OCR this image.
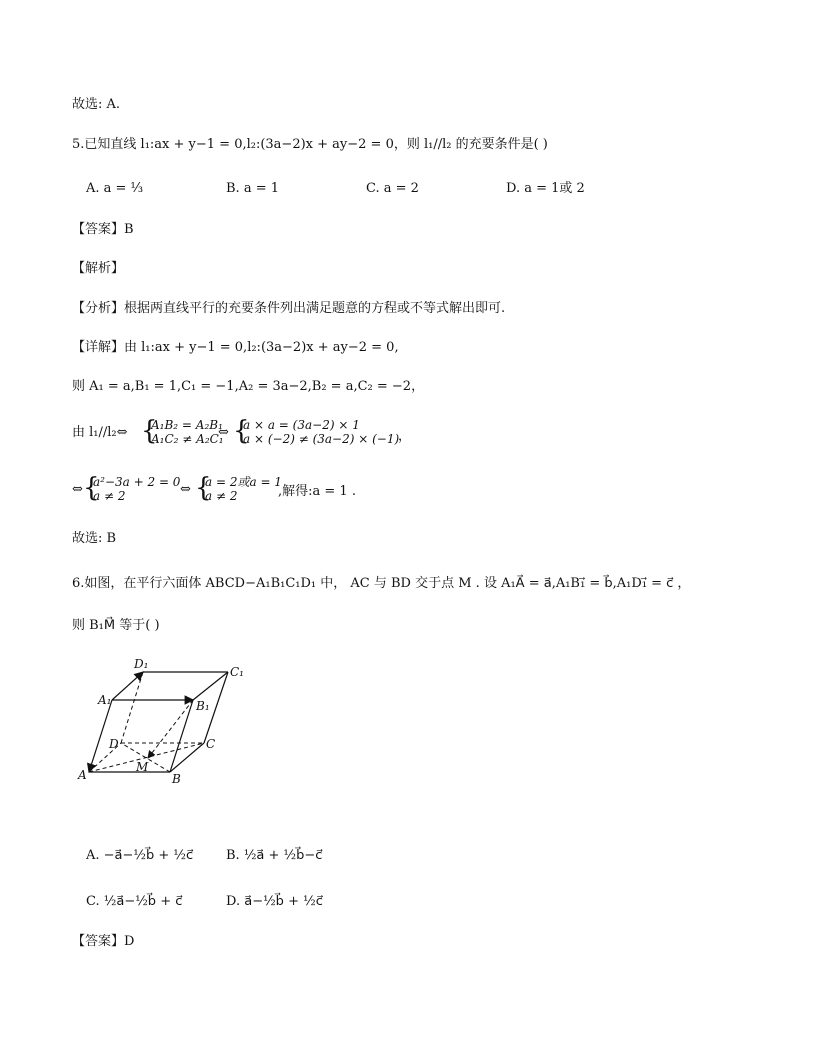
故选: A.
5.已知直线 l₁:ax + y−1 = 0,l₂:(3a−2)x + ay−2 = 0，则 l₁//l₂ 的充要条件是( )
A. a = ⅓	B. a = 1	C. a = 2	D. a = 1或 2
【答案】B
【解析】
【分析】根据两直线平行的充要条件列出满足题意的方程或不等式解出即可.
【详解】由 l₁:ax + y−1 = 0,l₂:(3a−2)x + ay−2 = 0,
则 A₁ = a,B₁ = 1,C₁ = −1,A₂ = 3a−2,B₂ = a,C₂ = −2，
由 l₁//l₂⇔ {
A₁B₂ = A₂B₁
A₁C₂ ≠ A₂C₁
⇔ {
a × a = (3a−2) × 1
a × (−2) ≠ (3a−2) × (−1)
，
⇔ {
a²−3a + 2 = 0
a ≠ 2	⇔ {
a = 2或a = 1
a ≠ 2	,解得:a = 1 .
故选: B
6.如图，在平行六面体 ABCD−A₁B₁C₁D₁ 中， AC 与 BD 交于点 M . 设 A₁A⃗ = a⃗,A₁B₁⃗ = b⃗,A₁D₁⃗ = c⃗ ，
则 B₁M⃗ 等于( )
D₁
C₁
A₁	B₁
D	C
A	B
M
A. −a⃗−½b⃗ + ½c⃗	B. ½a⃗ + ½b⃗−c⃗
C. ½a⃗−½b⃗ + c⃗	D. a⃗−½b⃗ + ½c⃗
【答案】D
